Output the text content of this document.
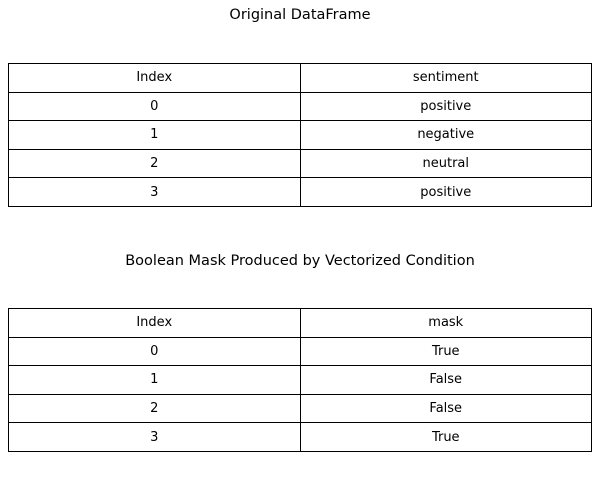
Original DataFrame
Index	sentiment
0	positive
1	negative
2	neutral
3	positive
Boolean Mask Produced by Vectorized Condition
Index	mask
0	True
1	False
2	False
3	True
